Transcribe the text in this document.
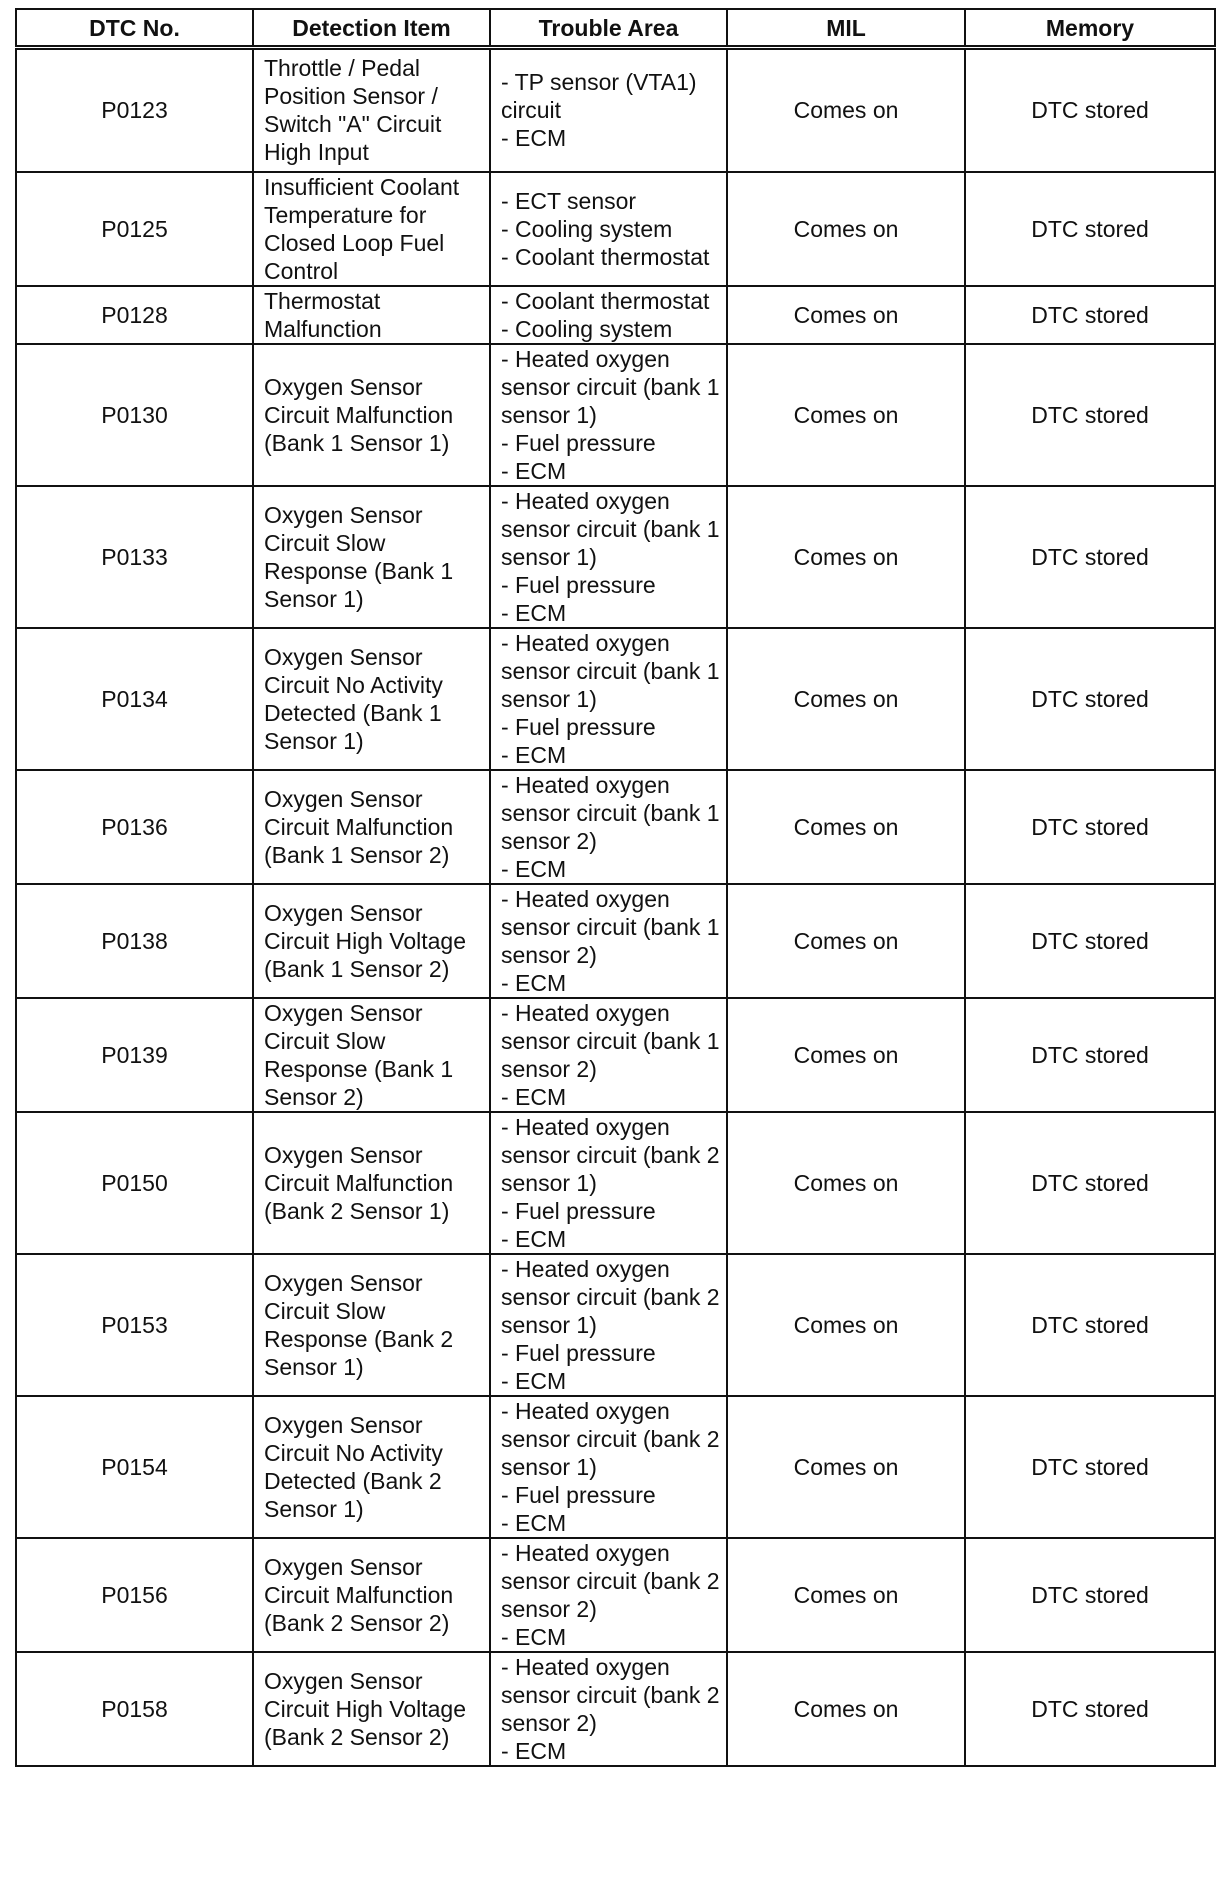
DTC No.	Detection Item	Trouble Area	MIL	Memory
P0123	Throttle / Pedal
Position Sensor /
Switch "A" Circuit
High Input	- TP sensor (VTA1)
circuit
- ECM	Comes on	DTC stored
P0125	Insufficient Coolant
Temperature for
Closed Loop Fuel
Control	- ECT sensor
- Cooling system
- Coolant thermostat	Comes on	DTC stored
P0128	Thermostat
Malfunction	- Coolant thermostat
- Cooling system	Comes on	DTC stored
P0130	Oxygen Sensor
Circuit Malfunction
(Bank 1 Sensor 1)	- Heated oxygen
sensor circuit (bank 1
sensor 1)
- Fuel pressure
- ECM	Comes on	DTC stored
P0133	Oxygen Sensor
Circuit Slow
Response (Bank 1
Sensor 1)	- Heated oxygen
sensor circuit (bank 1
sensor 1)
- Fuel pressure
- ECM	Comes on	DTC stored
P0134	Oxygen Sensor
Circuit No Activity
Detected (Bank 1
Sensor 1)	- Heated oxygen
sensor circuit (bank 1
sensor 1)
- Fuel pressure
- ECM	Comes on	DTC stored
P0136	Oxygen Sensor
Circuit Malfunction
(Bank 1 Sensor 2)	- Heated oxygen
sensor circuit (bank 1
sensor 2)
- ECM	Comes on	DTC stored
P0138	Oxygen Sensor
Circuit High Voltage
(Bank 1 Sensor 2)	- Heated oxygen
sensor circuit (bank 1
sensor 2)
- ECM	Comes on	DTC stored
P0139	Oxygen Sensor
Circuit Slow
Response (Bank 1
Sensor 2)	- Heated oxygen
sensor circuit (bank 1
sensor 2)
- ECM	Comes on	DTC stored
P0150	Oxygen Sensor
Circuit Malfunction
(Bank 2 Sensor 1)	- Heated oxygen
sensor circuit (bank 2
sensor 1)
- Fuel pressure
- ECM	Comes on	DTC stored
P0153	Oxygen Sensor
Circuit Slow
Response (Bank 2
Sensor 1)	- Heated oxygen
sensor circuit (bank 2
sensor 1)
- Fuel pressure
- ECM	Comes on	DTC stored
P0154	Oxygen Sensor
Circuit No Activity
Detected (Bank 2
Sensor 1)	- Heated oxygen
sensor circuit (bank 2
sensor 1)
- Fuel pressure
- ECM	Comes on	DTC stored
P0156	Oxygen Sensor
Circuit Malfunction
(Bank 2 Sensor 2)	- Heated oxygen
sensor circuit (bank 2
sensor 2)
- ECM	Comes on	DTC stored
P0158	Oxygen Sensor
Circuit High Voltage
(Bank 2 Sensor 2)	- Heated oxygen
sensor circuit (bank 2
sensor 2)
- ECM	Comes on	DTC stored
